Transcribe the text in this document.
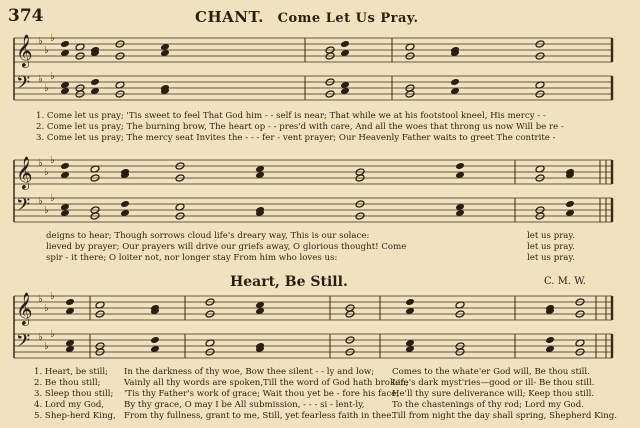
374	CHANT. Come Let Us Pray.
𝄞 ♭
♭
♭
𝄢 ♭
♭
♭
𝄞 ♭
♭
♭
𝄢 ♭
♭
♭
𝄞 ♭
♭
♭
𝄢 ♭
♭
♭
1. Come let us pray; 'Tis sweet to feel That God him - - self is near; That while we at his footstool kneel, His mercy - -
2. Come let us pray; The burning brow, The heart op - - pres'd with care, And all the woes that throng us now Will be re -
3. Come let us pray; The mercy seat Invites the - - - fer - vent prayer; Our Heavenly Father waits to greet The contrite -
deigns to hear; Though sorrows cloud life's dreary way, This is our solace:
lieved by prayer; Our prayers will drive our griefs away, O glorious thought! Come
spir - it there; O loiter not, nor longer stay From him who loves us:
let us pray.
let us pray.
let us pray.
Heart, Be Still.	C. M. W.
1. Heart, be still;
2. Be thou still;
3. Sleep thou still;
4. Lord my God,
5. Shep-herd King,
In the darkness of thy woe, Bow thee silent - - ly and low;
Vainly all thy words are spoken,Till the word of God hath broken;
'Tis thy Father's work of grace; Wait thou yet be - fore his face,
By thy grace, O may I be All submission, - - - si - lent-ly,
From thy fullness, grant to me, Still, yet fearless faith in thee.
Comes to the whate'er God will, Be thou still.
Life's dark myst'ries—good or ill- Be thou still.
He'll thy sure deliverance will; Keep thou still.
To the chastenings of thy rod; Lord my God.
Till from night the day shall spring, Shepherd King.
